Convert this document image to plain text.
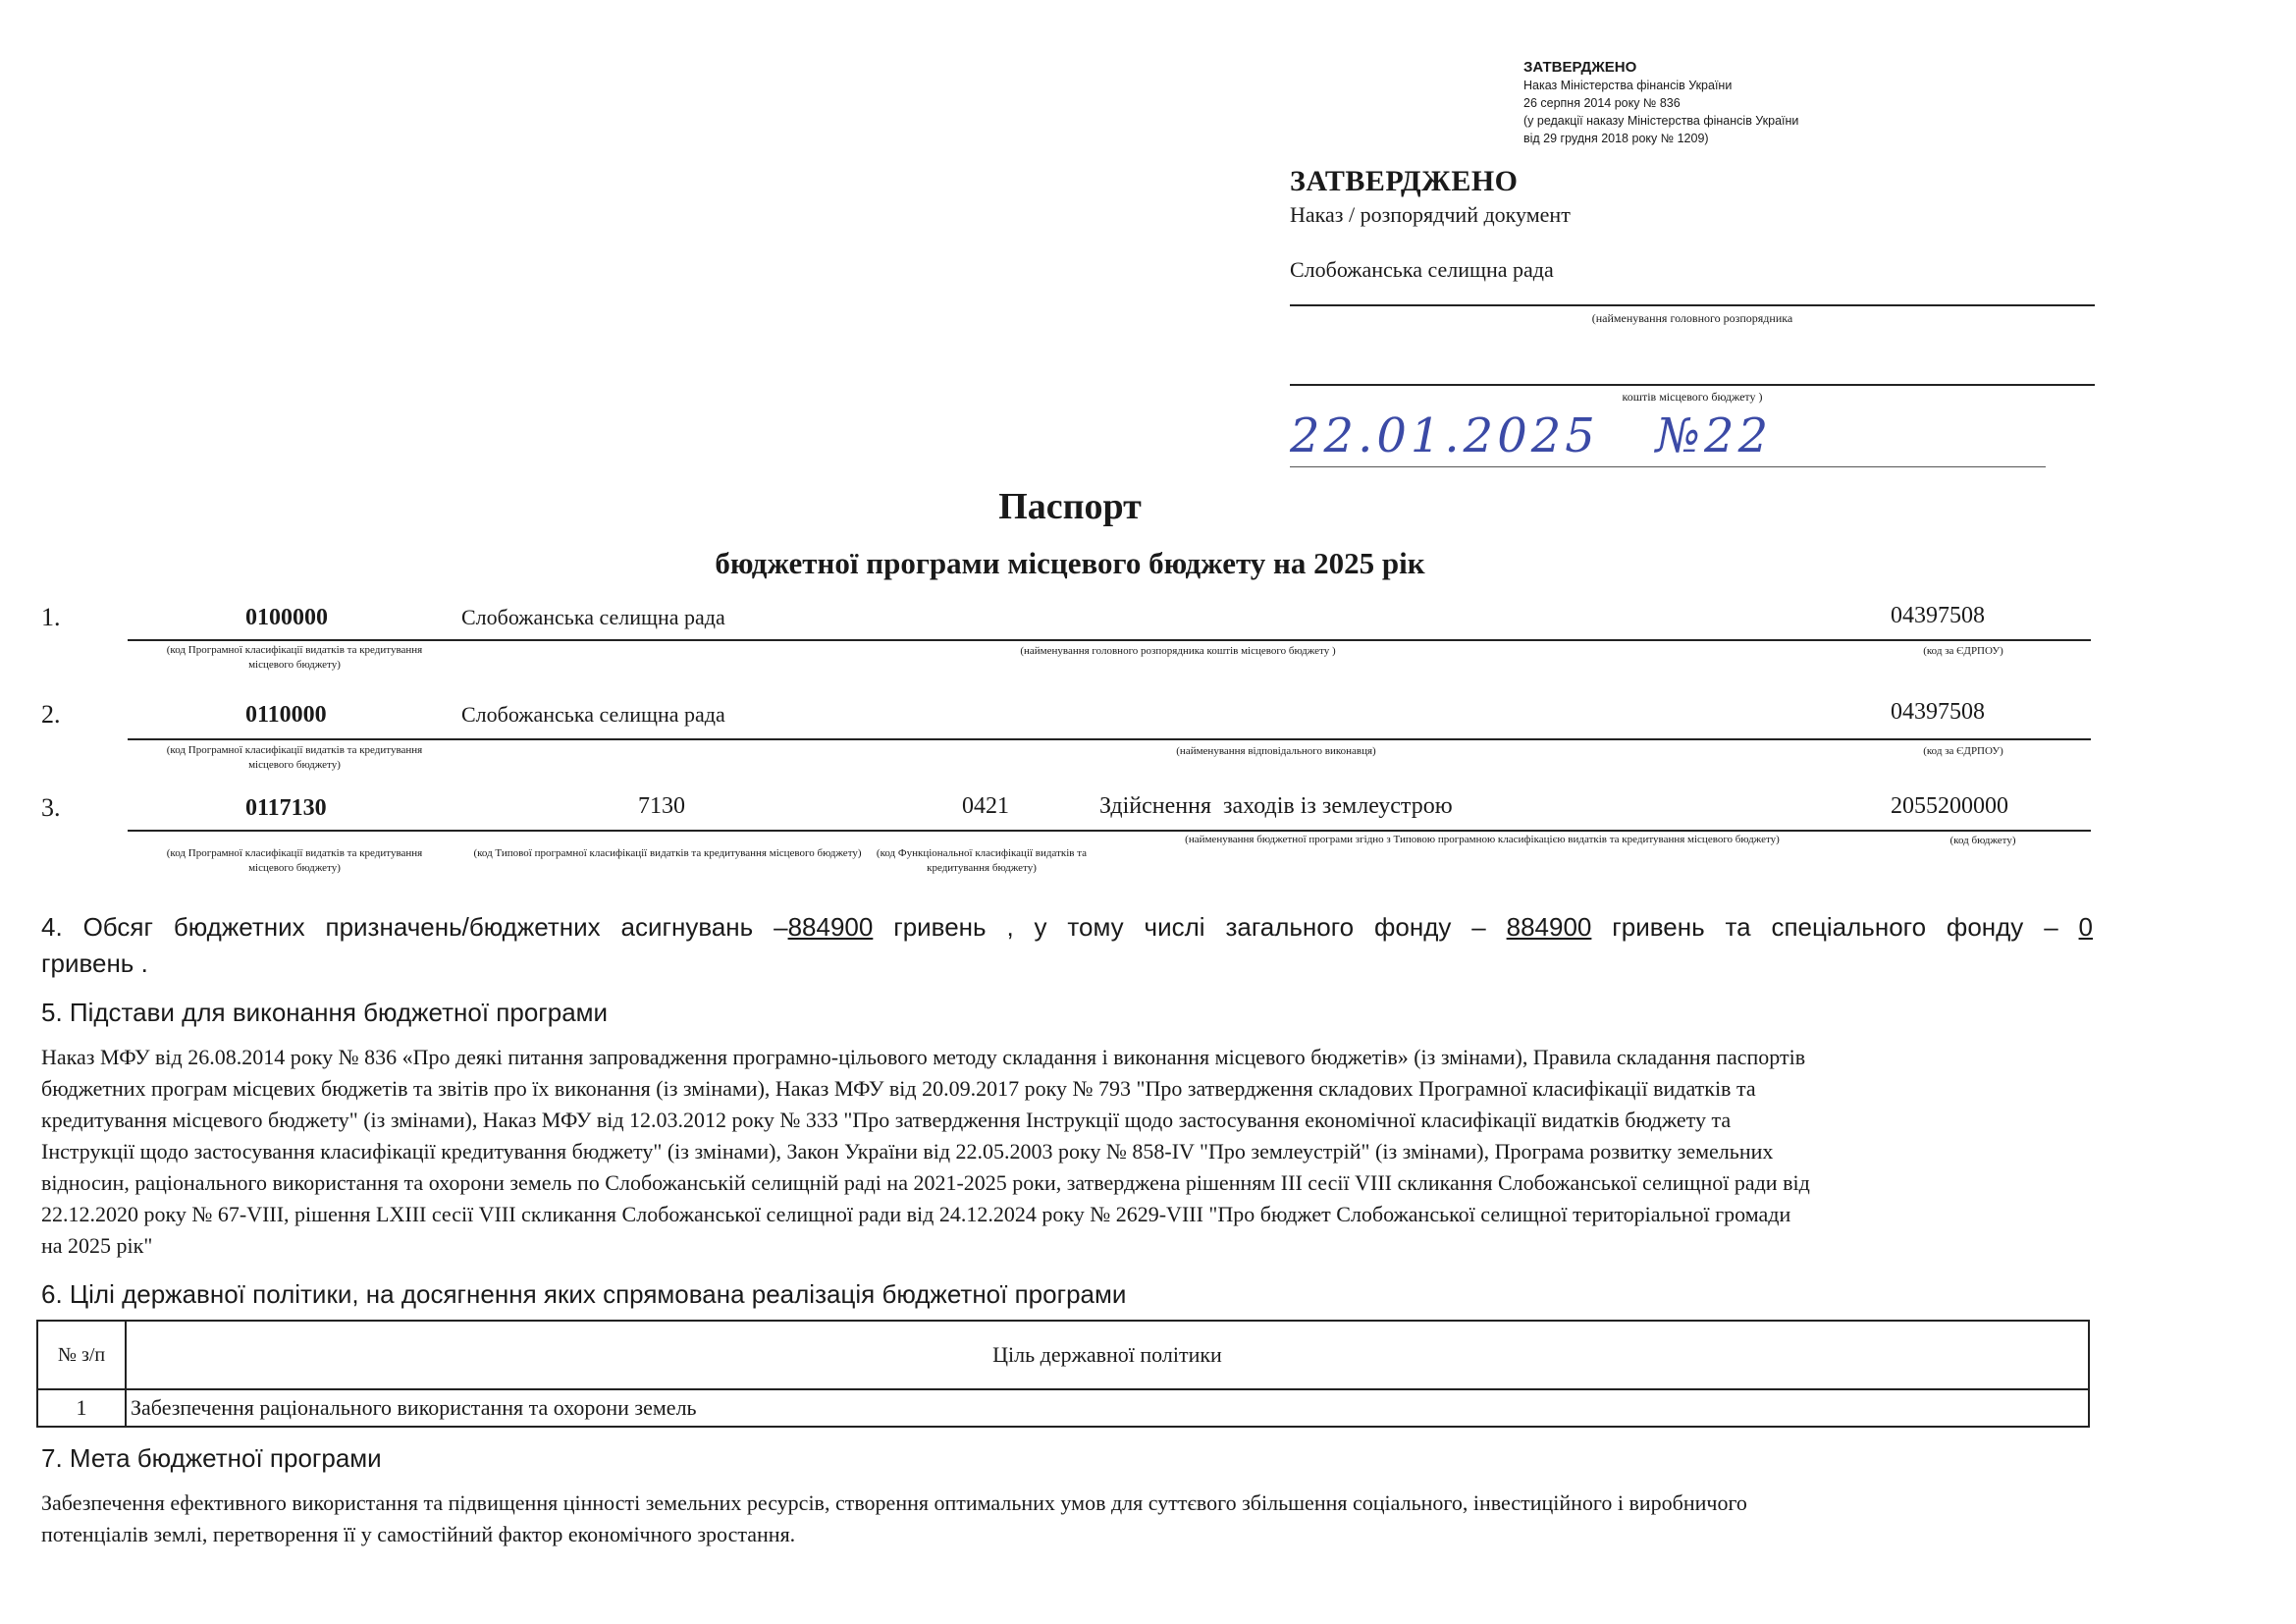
ЗАТВЕРДЖЕНО
Наказ Міністерства фінансів України
26 серпня 2014 року № 836
(у редакції наказу Міністерства фінансів України
від 29 грудня 2018 року № 1209)
ЗАТВЕРДЖЕНО
Наказ / розпорядчий документ
Слобожанська селищна рада
(найменування головного розпорядника
коштів місцевого бюджету )
22.01.2025   №22
Паспорт
бюджетної програми місцевого бюджету на 2025 рік
1.	0100000	Слобожанська селищна рада	04397508
(код Програмної класифікації видатків та кредитування місцевого бюджету)
(найменування головного розпорядника коштів місцевого бюджету )	(код за ЄДРПОУ)
2.	0110000	Слобожанська селищна рада	04397508
(код Програмної класифікації видатків та кредитування місцевого бюджету)
(найменування відповідального виконавця)	(код за ЄДРПОУ)
3.	0117130	7130	0421	Здійснення  заходів із землеустрою	2055200000
(код Програмної класифікації видатків та кредитування місцевого бюджету)
(код Типової програмної класифікації видатків та кредитування місцевого бюджету)	(код Функціональної класифікації видатків та кредитування бюджету)
(найменування бюджетної програми згідно з Типовою програмною класифікацією видатків та кредитування місцевого бюджету)	(код бюджету)
4. Обсяг бюджетних призначень/бюджетних асигнувань –884900 гривень , у тому числі загального фонду – 884900 гривень та спеціального фонду – 0
гривень .
5. Підстави для виконання бюджетної програми
Наказ МФУ від 26.08.2014 року № 836 «Про деякі питання запровадження програмно-цільового методу складання і виконання місцевого бюджетів» (із змінами), Правила складання паспортів
бюджетних програм місцевих бюджетів та звітів про їх виконання (із змінами), Наказ МФУ від 20.09.2017 року № 793 "Про затвердження складових Програмної класифікації видатків та
кредитування місцевого бюджету" (із змінами), Наказ МФУ від 12.03.2012 року № 333 "Про затвердження Інструкції щодо застосування економічної класифікації видатків бюджету та
Інструкції щодо застосування класифікації кредитування бюджету" (із змінами), Закон України від 22.05.2003 року № 858-IV "Про землеустрій" (із змінами), Програма розвитку земельних
відносин, раціонального використання та охорони земель по Слобожанській селищній раді на 2021-2025 роки, затверджена рішенням ІІІ сесії VIII скликання Слобожанської селищної ради від
22.12.2020 року № 67-VIII, рішення LXIII сесії VIII скликання Слобожанської селищної ради від 24.12.2024 року № 2629-VIII "Про бюджет Слобожанської селищної територіальної громади
на 2025 рік"
6. Цілі державної політики, на досягнення яких спрямована реалізація бюджетної програми
№ з/п	Ціль державної політики
1	Забезпечення раціонального використання та охорони земель
7. Мета бюджетної програми
Забезпечення ефективного використання та підвищення цінності земельних ресурсів, створення оптимальних умов для суттєвого збільшення соціального, інвестиційного і виробничого
потенціалів землі, перетворення її у самостійний фактор економічного зростання.
